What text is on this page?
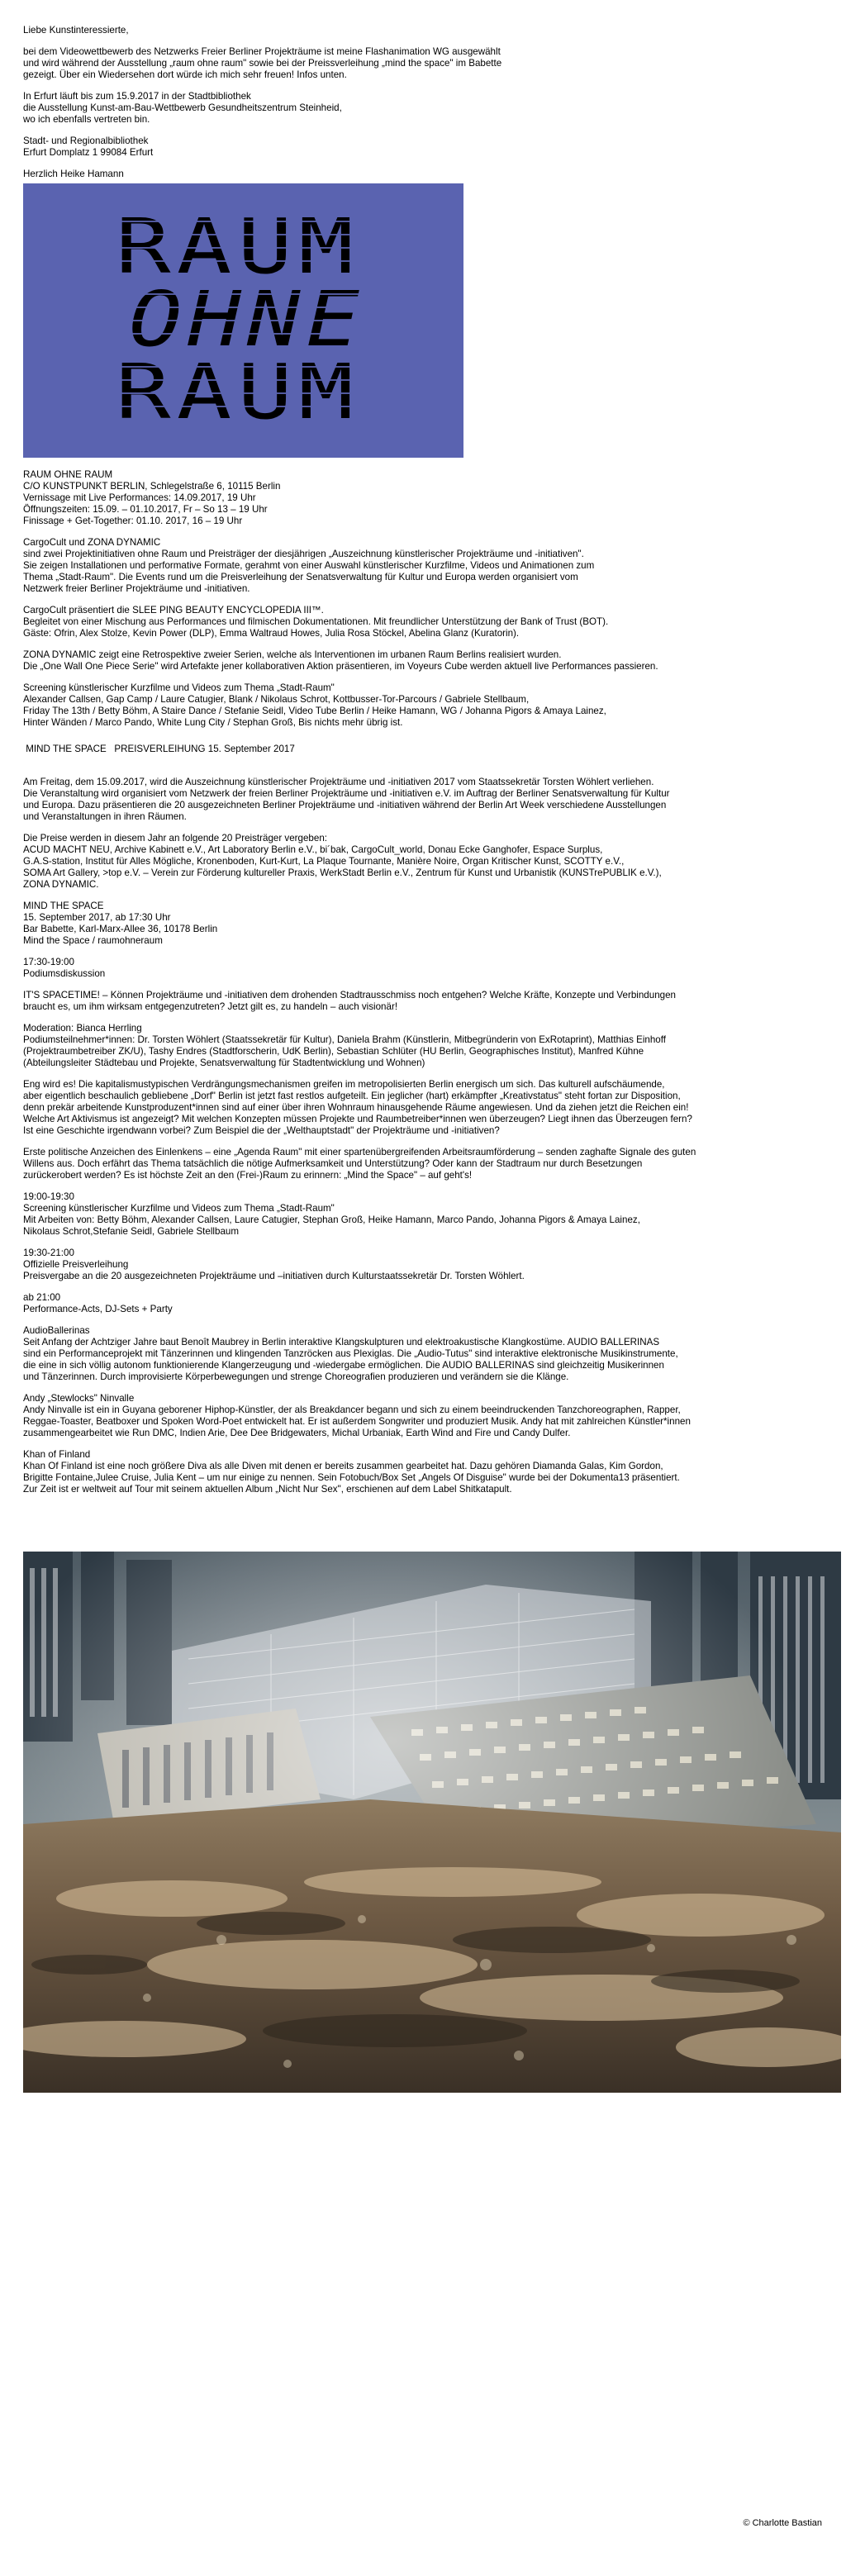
Liebe Kunstinteressierte,

bei dem Videowettbewerb des Netzwerks Freier Berliner Projekträume ist meine Flashanimation WG ausgewählt

und wird während der Ausstellung „raum ohne raum" sowie bei der Preissverleihung „mind the space" im Babette

gezeigt. Über ein Wiedersehen dort würde ich mich sehr freuen! Infos unten.

In Erfurt läuft bis zum 15.9.2017 in der Stadtbibliothek

die Ausstellung Kunst-am-Bau-Wettbewerb Gesundheitszentrum Steinheid,

wo ich ebenfalls vertreten bin.

Stadt- und Regionalbibliothek

Erfurt Domplatz 1 99084 Erfurt

Herzlich Heike Hamann

RAUM
OHNE
RAUM

RAUM OHNE RAUM

C/O KUNSTPUNKT BERLIN, Schlegelstraße 6, 10115 Berlin

Vernissage mit Live Performances: 14.09.2017, 19 Uhr

Öffnungszeiten: 15.09. – 01.10.2017, Fr – So 13 – 19 Uhr

Finissage + Get-Together: 01.10. 2017, 16 – 19 Uhr

CargoCult und ZONA DYNAMIC

sind zwei Projektinitiativen ohne Raum und Preisträger der diesjährigen „Auszeichnung künstlerischer Projekträume und -initiativen".

Sie zeigen Installationen und performative Formate, gerahmt von einer Auswahl künstlerischer Kurzfilme, Videos und Animationen zum

Thema „Stadt-Raum". Die Events rund um die Preisverleihung der Senatsverwaltung für Kultur und Europa werden organisiert vom

Netzwerk freier Berliner Projekträume und -initiativen.

CargoCult präsentiert die SLEE PING BEAUTY ENCYCLOPEDIA III™.

Begleitet von einer Mischung aus Performances und filmischen Dokumentationen. Mit freundlicher Unterstützung der Bank of Trust (BOT).

Gäste: Ofrin, Alex Stolze, Kevin Power (DLP), Emma Waltraud Howes, Julia Rosa Stöckel, Abelina Glanz (Kuratorin).

ZONA DYNAMIC zeigt eine Retrospektive zweier Serien, welche als Interventionen im urbanen Raum Berlins realisiert wurden.

Die „One Wall One Piece Serie" wird Artefakte jener kollaborativen Aktion präsentieren, im Voyeurs Cube werden aktuell live Performances passieren.

Screening künstlerischer Kurzfilme und Videos zum Thema „Stadt-Raum"

Alexander Callsen, Gap Camp / Laure Catugier, Blank / Nikolaus Schrot, Kottbusser-Tor-Parcours / Gabriele Stellbaum,

Friday The 13th / Betty Böhm, A Staire Dance / Stefanie Seidl, Video Tube Berlin / Heike Hamann, WG / Johanna Pigors & Amaya Lainez,

Hinter Wänden / Marco Pando, White Lung City / Stephan Groß, Bis nichts mehr übrig ist.

MIND THE SPACE   PREISVERLEIHUNG 15. September 2017

Am Freitag, dem 15.09.2017, wird die Auszeichnung künstlerischer Projekträume und -initiativen 2017 vom Staatssekretär Torsten Wöhlert verliehen.

Die Veranstaltung wird organisiert vom Netzwerk der freien Berliner Projekträume und -initiativen e.V. im Auftrag der Berliner Senatsverwaltung für Kultur

und Europa. Dazu präsentieren die 20 ausgezeichneten Berliner Projekträume und -initiativen während der Berlin Art Week verschiedene Ausstellungen

und Veranstaltungen in ihren Räumen.

Die Preise werden in diesem Jahr an folgende 20 Preisträger vergeben:

ACUD MACHT NEU, Archive Kabinett e.V., Art Laboratory Berlin e.V., bi´bak, CargoCult_world, Donau Ecke Ganghofer, Espace Surplus,

G.A.S-station, Institut für Alles Mögliche, Kronenboden, Kurt-Kurt, La Plaque Tournante, Manière Noire, Organ Kritischer Kunst, SCOTTY e.V.,

SOMA Art Gallery, >top e.V. – Verein zur Förderung kultureller Praxis, WerkStadt Berlin e.V., Zentrum für Kunst und Urbanistik (KUNSTrePUBLIK e.V.),

ZONA DYNAMIC.

MIND THE SPACE

15. September 2017, ab 17:30 Uhr

Bar Babette, Karl-Marx-Allee 36, 10178 Berlin

Mind the Space / raumohneraum

17:30-19:00

Podiumsdiskussion

IT'S SPACETIME! – Können Projekträume und -initiativen dem drohenden Stadtrausschmiss noch entgehen? Welche Kräfte, Konzepte und Verbindungen

braucht es, um ihm wirksam entgegenzutreten? Jetzt gilt es, zu handeln – auch visionär!

Moderation: Bianca Herrling

Podiumsteilnehmer*innen: Dr. Torsten Wöhlert (Staatssekretär für Kultur), Daniela Brahm (Künstlerin, Mitbegründerin von ExRotaprint), Matthias Einhoff

(Projektraumbetreiber ZK/U), Tashy Endres (Stadtforscherin, UdK Berlin), Sebastian Schlüter (HU Berlin, Geographisches Institut), Manfred Kühne

(Abteilungsleiter Städtebau und Projekte, Senatsverwaltung für Stadtentwicklung und Wohnen)

Eng wird es! Die kapitalismustypischen Verdrängungsmechanismen greifen im metropolisierten Berlin energisch um sich. Das kulturell aufschäumende,

aber eigentlich beschaulich gebliebene „Dorf" Berlin ist jetzt fast restlos aufgeteilt. Ein jeglicher (hart) erkämpfter „Kreativstatus" steht fortan zur Disposition,

denn prekär arbeitende Kunstproduzent*innen sind auf einer über ihren Wohnraum hinausgehende Räume angewiesen. Und da ziehen jetzt die Reichen ein!

Welche Art Aktivismus ist angezeigt? Mit welchen Konzepten müssen Projekte und Raumbetreiber*innen wen überzeugen? Liegt ihnen das Überzeugen fern?

Ist eine Geschichte irgendwann vorbei? Zum Beispiel die der „Welthauptstadt" der Projekträume und -initiativen?

Erste politische Anzeichen des Einlenkens – eine „Agenda Raum" mit einer spartenübergreifenden Arbeitsraumförderung – senden zaghafte Signale des guten

Willens aus. Doch erfährt das Thema tatsächlich die nötige Aufmerksamkeit und Unterstützung? Oder kann der Stadtraum nur durch Besetzungen

zurückerobert werden? Es ist höchste Zeit an den (Frei-)Raum zu erinnern: „Mind the Space" – auf geht's!

19:00-19:30

Screening künstlerischer Kurzfilme und Videos zum Thema „Stadt-Raum"

Mit Arbeiten von: Betty Böhm, Alexander Callsen, Laure Catugier, Stephan Groß, Heike Hamann, Marco Pando, Johanna Pigors & Amaya Lainez,

Nikolaus Schrot,Stefanie Seidl, Gabriele Stellbaum

19:30-21:00

Offizielle Preisverleihung

Preisvergabe an die 20 ausgezeichneten Projekträume und –initiativen durch Kulturstaatssekretär Dr. Torsten Wöhlert.

ab 21:00

Performance-Acts, DJ-Sets + Party

AudioBallerinas

Seit Anfang der Achtziger Jahre baut Benoît Maubrey in Berlin interaktive Klangskulpturen und elektroakustische Klangkostüme. AUDIO BALLERINAS

sind ein Performanceprojekt mit Tänzerinnen und klingenden Tanzröcken aus Plexiglas. Die „Audio-Tutus" sind interaktive elektronische Musikinstrumente,

die eine in sich völlig autonom funktionierende Klangerzeugung und -wiedergabe ermöglichen. Die AUDIO BALLERINAS sind gleichzeitig Musikerinnen

und Tänzerinnen. Durch improvisierte Körperbewegungen und strenge Choreografien produzieren und verändern sie die Klänge.

Andy „Stewlocks" Ninvalle

Andy Ninvalle ist ein in Guyana geborener Hiphop-Künstler, der als Breakdancer begann und sich zu einem beeindruckenden Tanzchoreographen, Rapper,

Reggae-Toaster, Beatboxer und Spoken Word-Poet entwickelt hat. Er ist außerdem Songwriter und produziert Musik. Andy hat mit zahlreichen Künstler*innen

zusammengearbeitet wie Run DMC, Indien Arie, Dee Dee Bridgewaters, Michal Urbaniak, Earth Wind and Fire und Candy Dulfer.

Khan of Finland

Khan Of Finland ist eine noch größere Diva als alle Diven mit denen er bereits zusammen gearbeitet hat. Dazu gehören Diamanda Galas, Kim Gordon,

Brigitte Fontaine,Julee Cruise, Julia Kent – um nur einige zu nennen. Sein Fotobuch/Box Set „Angels Of Disguise" wurde bei der Dokumenta13 präsentiert.

Zur Zeit ist er weltweit auf Tour mit seinem aktuellen Album „Nicht Nur Sex", erschienen auf dem Label Shitkatapult.

© Charlotte Bastian
